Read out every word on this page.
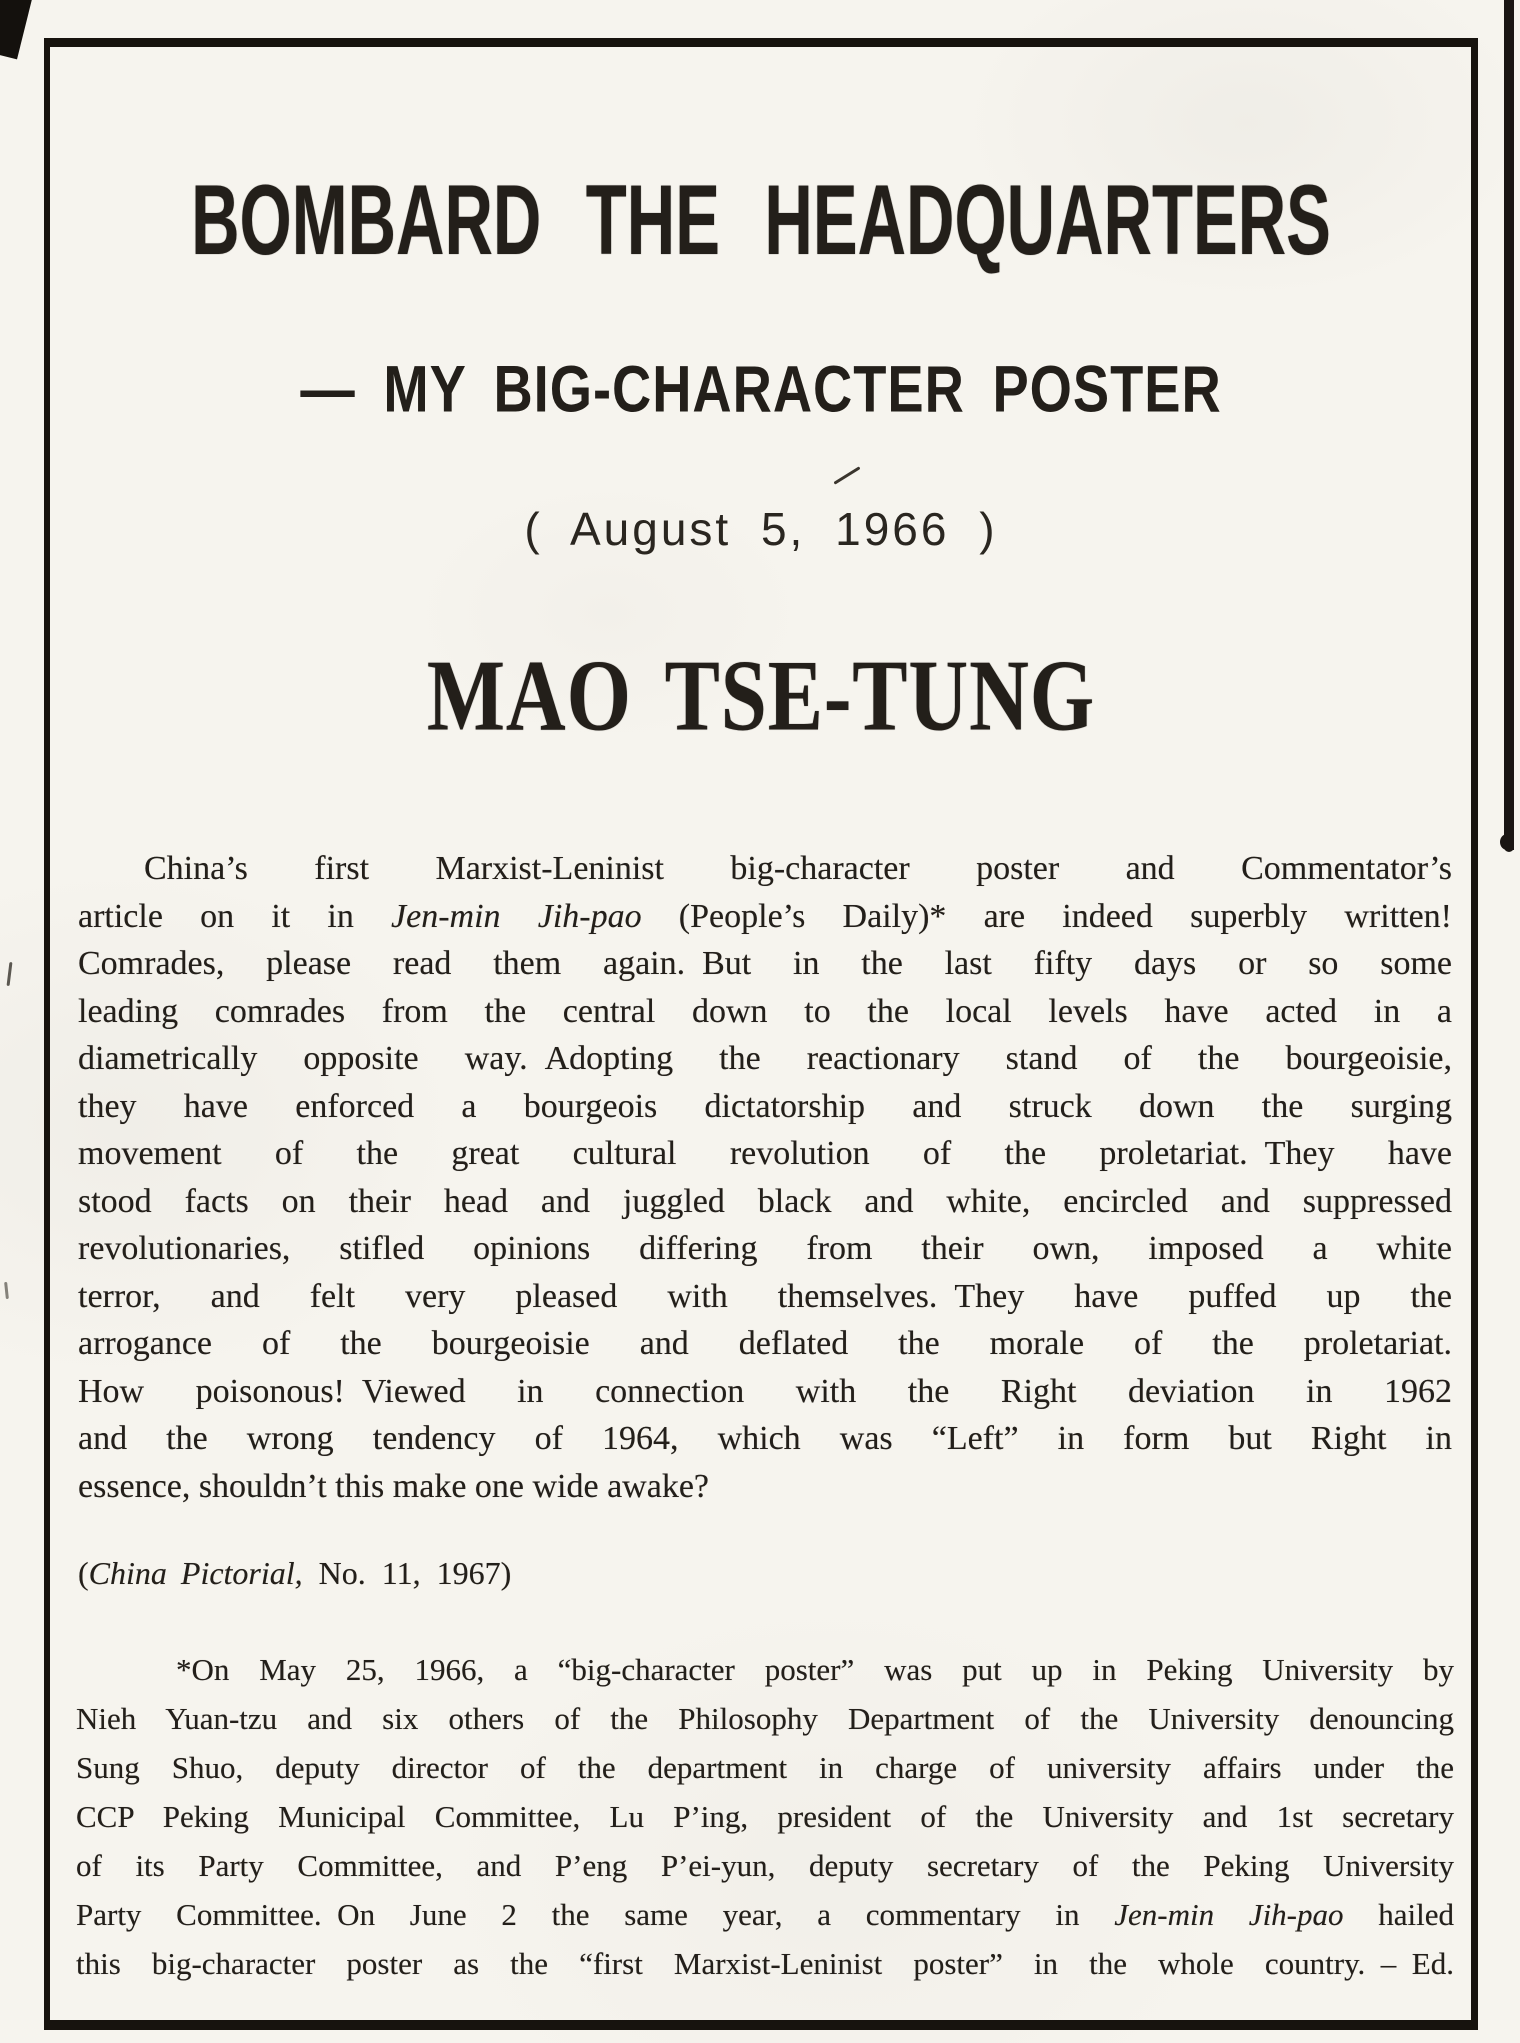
BOMBARD THE HEADQUARTERS
— MY BIG-CHARACTER POSTER
( August 5, 1966 )
MAO TSE-TUNG
China’s first Marxist-Leninist big-character poster and Commentator’s
article on it in Jen-min Jih-pao (People’s Daily)* are indeed superbly written!
Comrades, please read them again. But in the last fifty days or so some
leading comrades from the central down to the local levels have acted in a
diametrically opposite way. Adopting the reactionary stand of the bourgeoisie,
they have enforced a bourgeois dictatorship and struck down the surging
movement of the great cultural revolution of the proletariat. They have
stood facts on their head and juggled black and white, encircled and suppressed
revolutionaries, stifled opinions differing from their own, imposed a white
terror, and felt very pleased with themselves. They have puffed up the
arrogance of the bourgeoisie and deflated the morale of the proletariat.
How poisonous! Viewed in connection with the Right deviation in 1962
and the wrong tendency of 1964, which was “Left” in form but Right in
essence, shouldn’t this make one wide awake?
(China Pictorial, No. 11, 1967)
*On May 25, 1966, a “big-character poster” was put up in Peking University by
Nieh Yuan-tzu and six others of the Philosophy Department of the University denouncing
Sung Shuo, deputy director of the department in charge of university affairs under the
CCP Peking Municipal Committee, Lu P’ing, president of the University and 1st secretary
of its Party Committee, and P’eng P’ei-yun, deputy secretary of the Peking University
Party Committee. On June 2 the same year, a commentary in Jen-min Jih-pao hailed
this big-character poster as the “first Marxist-Leninist poster” in the whole country. – Ed.
